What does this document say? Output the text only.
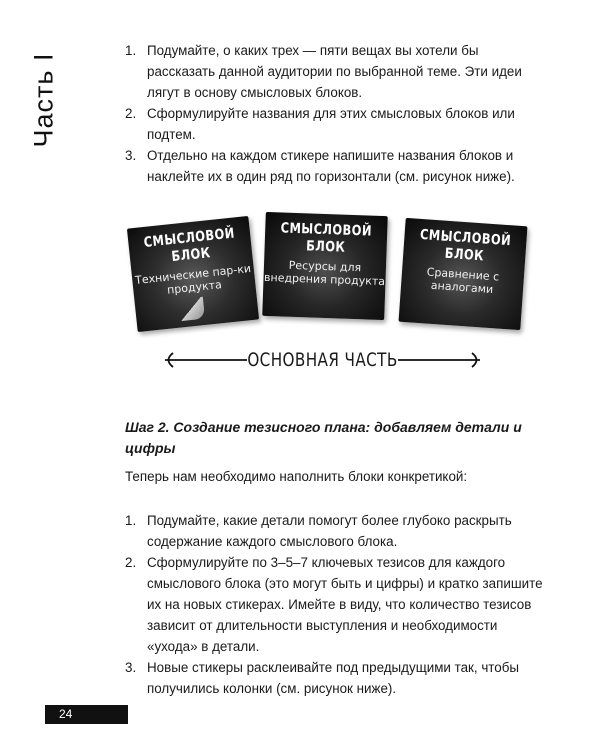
Часть I
1. Подумайте, о каких трех — пяти вещах вы хотели бы рассказать данной аудитории по выбранной теме. Эти идеи лягут в основу смысловых блоков.
2. Сформулируйте названия для этих смысловых блоков или подтем.
3. Отдельно на каждом стикере напишите названия блоков и наклейте их в один ряд по горизонтали (см. рисунок ниже).
СМЫСЛОВОЙ БЛОК
Технические пар-ки продукта
СМЫСЛОВОЙ БЛОК
Ресурсы для внедрения продукта
СМЫСЛОВОЙ БЛОК
Сравнение с аналогами
ОСНОВНАЯ ЧАСТЬ
Шаг 2. Создание тезисного плана: добавляем детали и цифры
Теперь нам необходимо наполнить блоки конкретикой:
1. Подумайте, какие детали помогут более глубоко раскрыть содержание каждого смыслового блока.
2. Сформулируйте по 3–5–7 ключевых тезисов для каждого смыслового блока (это могут быть и цифры) и кратко запишите их на новых стикерах. Имейте в виду, что количество тезисов зависит от длительности выступления и необходимости «ухода» в детали.
3. Новые стикеры расклеивайте под предыдущими так, чтобы получились колонки (см. рисунок ниже).
24
